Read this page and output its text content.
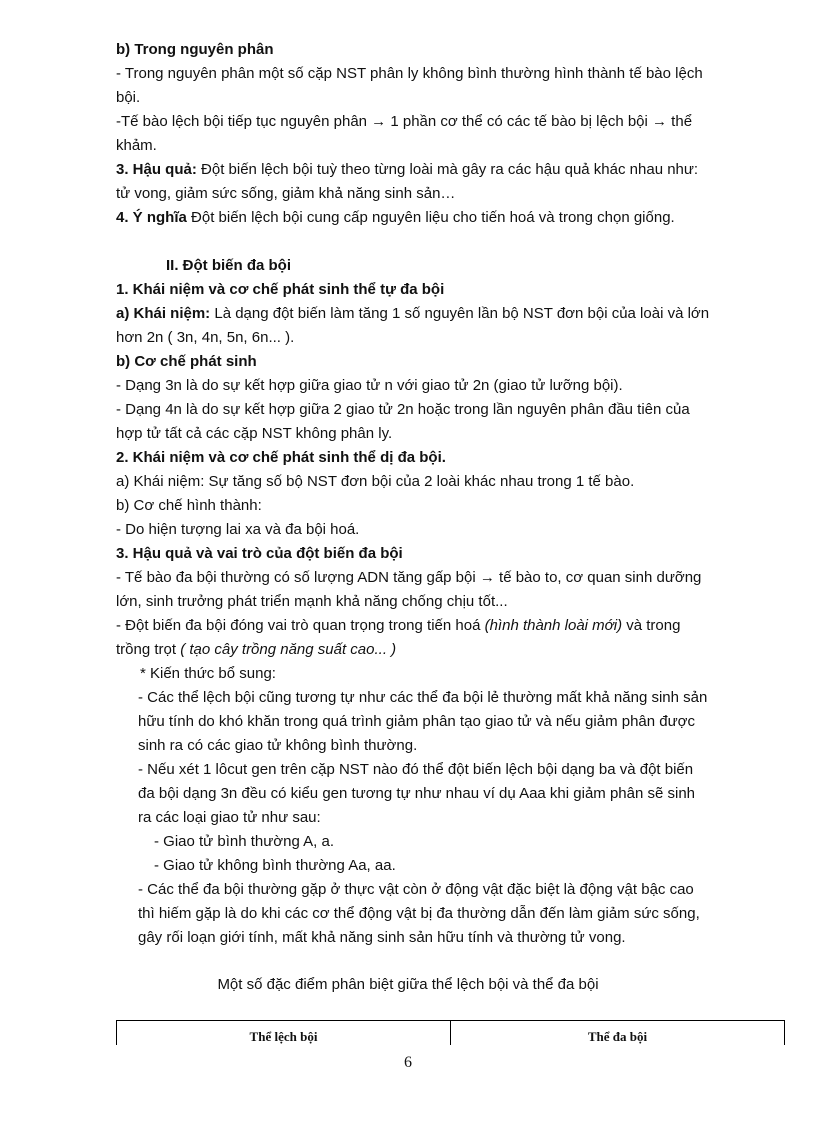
b) Trong nguyên phân
- Trong nguyên phân một số cặp NST phân ly không bình thường hình thành tế bào lệch
bội.
-Tế bào lệch bội tiếp tục nguyên phân → 1 phần cơ thể có các tế bào bị lệch bội → thể
khảm.
3. Hậu quả: Đột biến lệch bội tuỳ theo từng loài mà gây ra các hậu quả khác nhau như:
tử vong, giảm sức sống, giảm khả năng sinh sản…
4. Ý nghĩa Đột biến lệch bội cung cấp nguyên liệu cho tiến hoá và trong chọn giống.
II. Đột biến đa bội
1. Khái niệm và cơ chế phát sinh thể tự đa bội
a) Khái niệm: Là dạng đột biến làm tăng 1 số nguyên lần bộ NST đơn bội của loài và lớn
hơn 2n ( 3n, 4n, 5n, 6n... ).
b) Cơ chế phát sinh
- Dạng 3n là do sự kết hợp giữa giao tử n với giao tử 2n (giao tử lưỡng bội).
- Dạng 4n là do sự kết hợp giữa 2 giao tử 2n hoặc trong lần nguyên phân đầu tiên của
hợp tử tất cả các cặp NST không phân ly.
2. Khái niệm và cơ chế phát sinh thể dị đa bội.
a) Khái niệm: Sự tăng số bộ NST đơn bội của 2 loài khác nhau trong 1 tế bào.
b) Cơ chế hình thành:
- Do hiện tượng lai xa và đa bội hoá.
3. Hậu quả và vai trò của đột biến đa bội
- Tế bào đa bội thường có số lượng ADN tăng gấp bội → tế bào to, cơ quan sinh dưỡng
lớn, sinh trưởng phát triển mạnh khả năng chống chịu tốt...
- Đột biến đa bội đóng vai trò quan trọng trong tiến hoá (hình thành loài mới) và trong
trồng trọt ( tạo cây trồng năng suất cao... )
* Kiến thức bổ sung:
- Các thể lệch bội cũng tương tự như các thể đa bội lẻ thường mất khả năng sinh sản
hữu tính do khó khăn trong quá trình giảm phân tạo giao tử và nếu giảm phân được
sinh ra có các giao tử không bình thường.
- Nếu xét 1 lôcut gen trên cặp NST nào đó thể đột biến lệch bội dạng ba và đột biến
đa bội dạng 3n đều có kiểu gen tương tự như nhau ví dụ Aaa khi giảm phân sẽ sinh
ra các loại giao tử như sau:
- Giao tử bình thường A, a.
- Giao tử không bình thường Aa, aa.
- Các thể đa bội thường gặp ở thực vật còn ở động vật đặc biệt là động vật bậc cao
thì hiếm gặp là do khi các cơ thể động vật bị đa thường dẫn đến làm giảm sức sống,
gây rối loạn giới tính, mất khả năng sinh sản hữu tính và thường tử vong.
Một số đặc điểm phân biệt giữa thể lệch bội và thể đa bội
Thể lệch bội	Thể đa bội
6
